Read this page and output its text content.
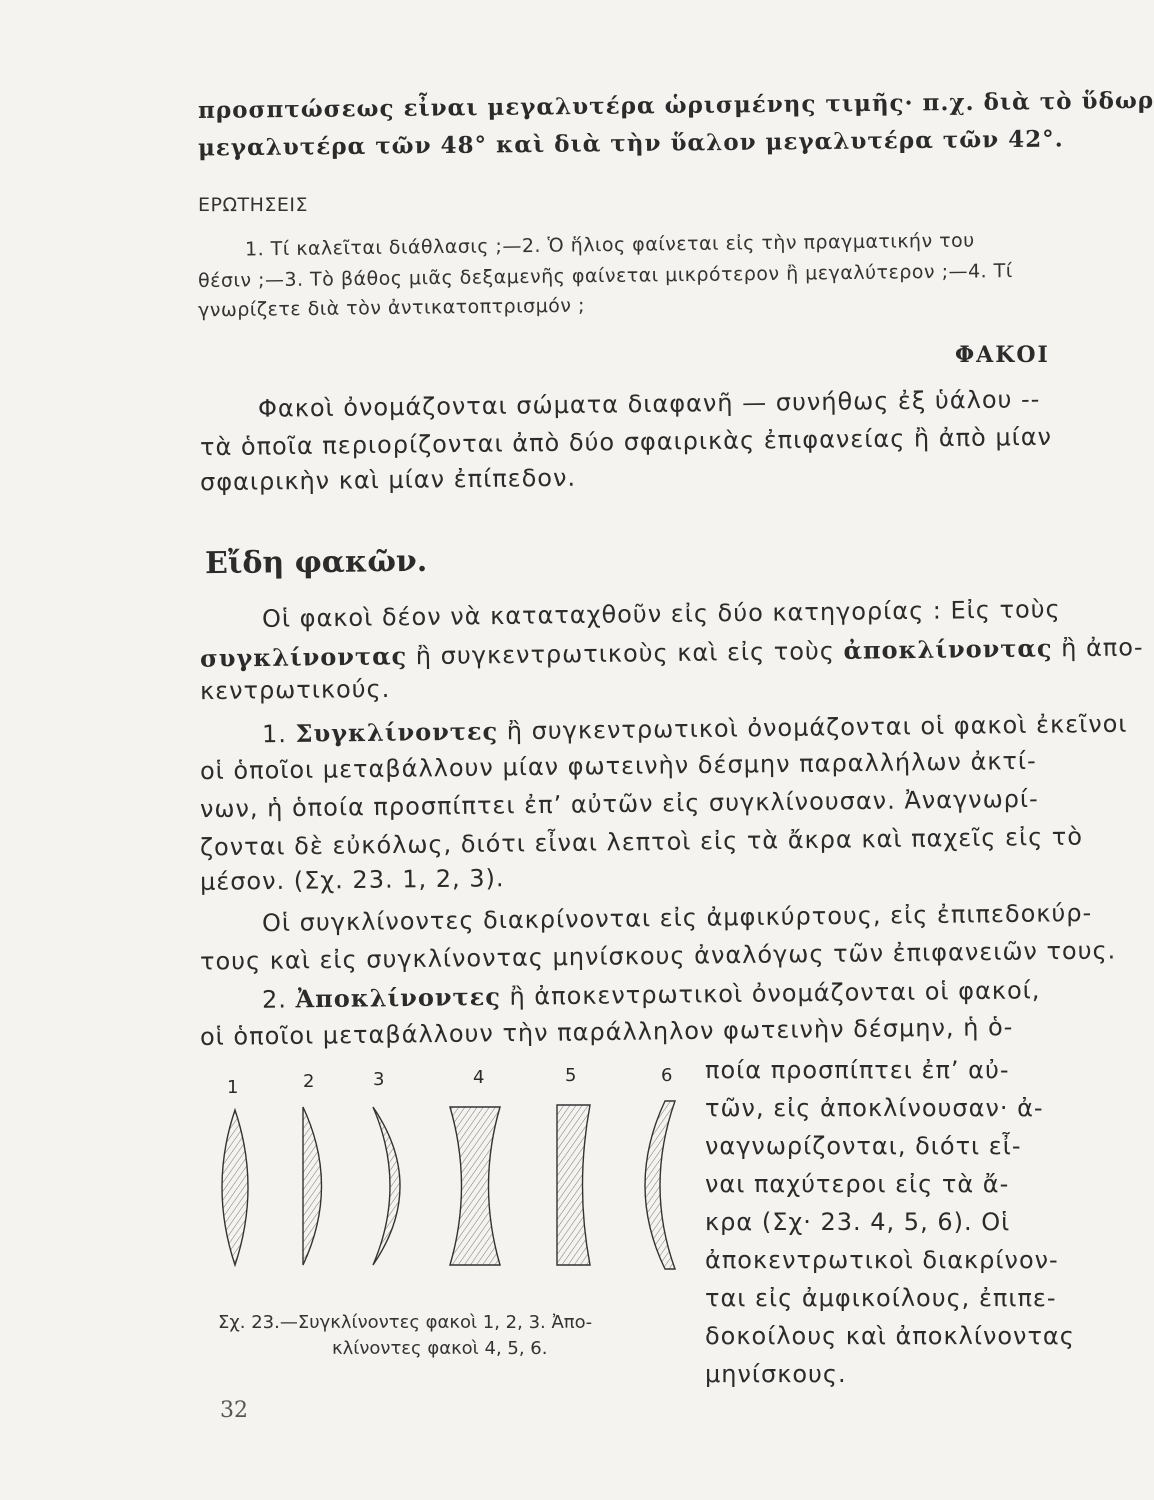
προσπτώσεως εἶναι μεγαλυτέρα ὡρισμένης τιμῆς· π.χ. διὰ τὸ ὕδωρ
μεγαλυτέρα τῶν 48° καὶ διὰ τὴν ὕαλον μεγαλυτέρα τῶν 42°.
ΕΡΩΤΗΣΕΙΣ
1. Τί καλεῖται διάθλασις ;—2. Ὁ ἥλιος φαίνεται εἰς τὴν πραγματικήν του
θέσιν ;—3. Τὸ βάθος μιᾶς δεξαμενῆς φαίνεται μικρότερον ἢ μεγαλύτερον ;—4. Τί
γνωρίζετε διὰ τὸν ἀντικατοπτρισμόν ;
ΦΑΚΟΙ
Φακοὶ ὀνομάζονται σώματα διαφανῆ — συνήθως ἐξ ὑάλου --
τὰ ὁποῖα περιορίζονται ἀπὸ δύο σφαιρικὰς ἐπιφανείας ἢ ἀπὸ μίαν
σφαιρικὴν καὶ μίαν ἐπίπεδον.
Εἴδη φακῶν.
Οἱ φακοὶ δέον νὰ καταταχθοῦν εἰς δύο κατηγορίας : Εἰς τοὺς
συγκλίνοντας ἢ συγκεντρωτικοὺς καὶ εἰς τοὺς ἀποκλίνοντας ἢ ἀπο-
κεντρωτικούς.
1. Συγκλίνοντες ἢ συγκεντρωτικοὶ ὀνομάζονται οἱ φακοὶ ἐκεῖνοι
οἱ ὁποῖοι μεταβάλλουν μίαν φωτεινὴν δέσμην παραλλήλων ἀκτί-
νων, ἡ ὁποία προσπίπτει ἐπ’ αὐτῶν εἰς συγκλίνουσαν. Ἀναγνωρί-
ζονται δὲ εὐκόλως, διότι εἶναι λεπτοὶ εἰς τὰ ἄκρα καὶ παχεῖς εἰς τὸ
μέσον. (Σχ. 23. 1, 2, 3).
Οἱ συγκλίνοντες διακρίνονται εἰς ἀμφικύρτους, εἰς ἐπιπεδοκύρ-
τους καὶ εἰς συγκλίνοντας μηνίσκους ἀναλόγως τῶν ἐπιφανειῶν τους.
2. Ἀποκλίνοντες ἢ ἀποκεντρωτικοὶ ὀνομάζονται οἱ φακοί,
οἱ ὁποῖοι μεταβάλλουν τὴν παράλληλον φωτεινὴν δέσμην, ἡ ὁ-
ποία προσπίπτει ἐπ’ αὐ-
τῶν, εἰς ἀποκλίνουσαν· ἀ-
ναγνωρίζονται, διότι εἶ-
ναι παχύτεροι εἰς τὰ ἄ-
κρα (Σχ· 23. 4, 5, 6). Οἱ
ἀποκεντρωτικοὶ διακρίνον-
ται εἰς ἀμφικοίλους, ἐπιπε-
δοκοίλους καὶ ἀποκλίνοντας
μηνίσκους.
1	2	3	4	5	6
Σχ. 23.—Συγκλίνοντες φακοὶ 1, 2, 3. Ἀπο-
κλίνοντες φακοὶ 4, 5, 6.
32
